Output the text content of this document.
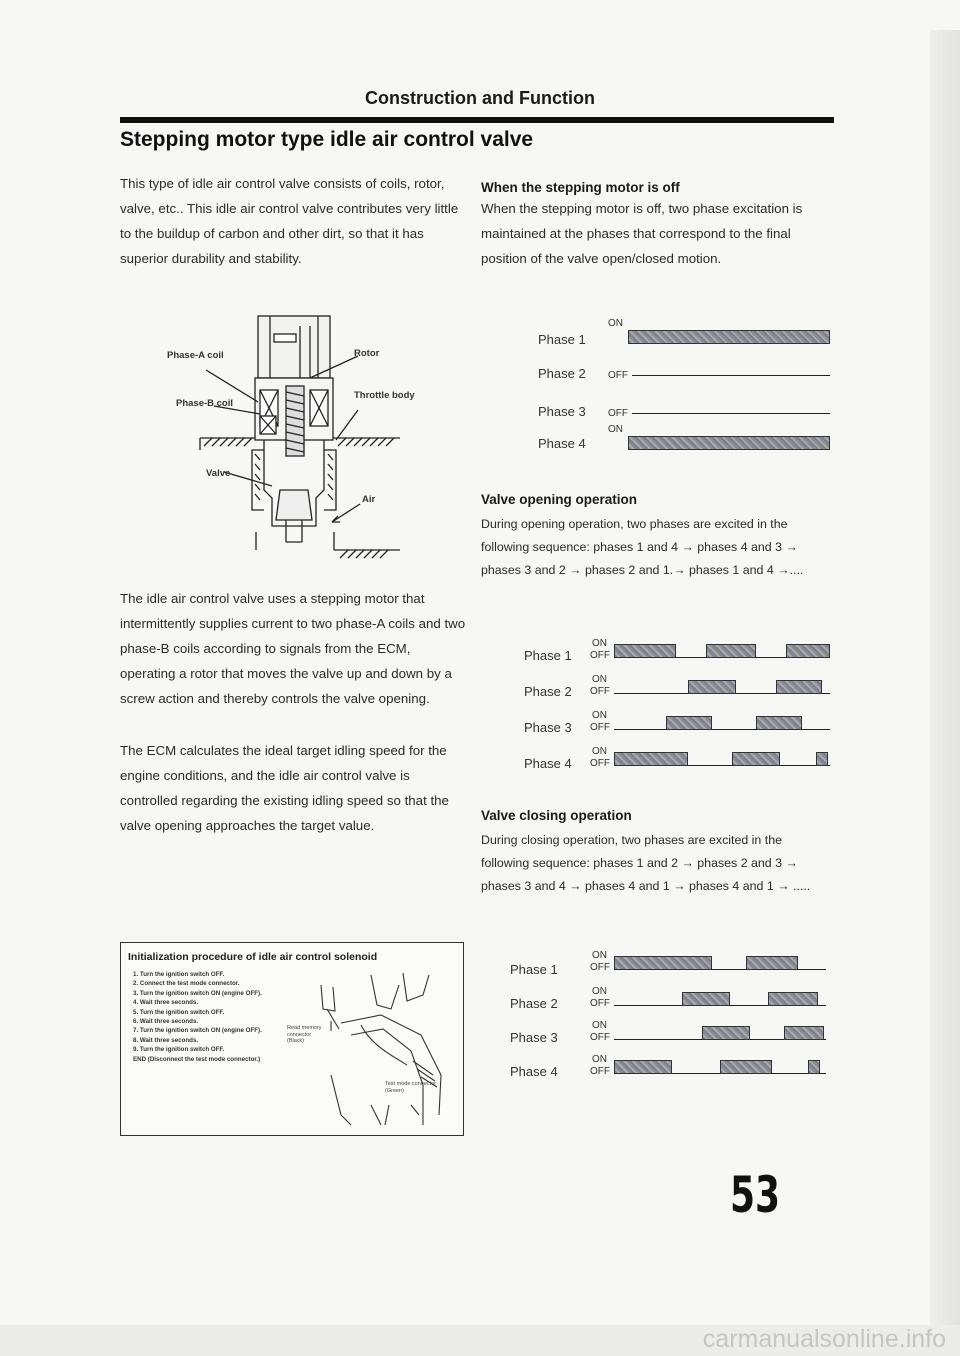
Construction and Function
Stepping motor type idle air control valve

This type of idle air control valve consists of coils, rotor, valve, etc.. This idle air control valve contributes very little to the buildup of carbon and other dirt, so that it has superior durability and stability.

Phase-A coil	Rotor
Phase-B coil
Throttle body
Valve
Air

The idle air control valve uses a stepping motor that intermittently supplies current to two phase-A coils and two phase-B coils according to signals from the ECM, operating a rotor that moves the valve up and down by a screw action and thereby controls the valve opening.

The ECM calculates the ideal target idling speed for the engine conditions, and the idle air control valve is controlled regarding the existing idling speed so that the valve opening approaches the target value.

Initialization procedure of idle air control solenoid
1. Turn the ignition switch OFF.
2. Connect the test mode connector.
3. Turn the ignition switch ON (engine OFF).
4. Wait three seconds.
5. Turn the ignition switch OFF.
6. Wait three seconds.
7. Turn the ignition switch ON (engine OFF).
8. Wait three seconds.
9. Turn the ignition switch OFF.
END (Disconnect the test mode connector.)
Read memory connector (Black)
Test mode connector (Green)

When the stepping motor is off

When the stepping motor is off, two phase excitation is maintained at the phases that correspond to the final position of the valve open/closed motion.

Phase 1
ON
Phase 2 OFF
Phase 3 OFF
Phase 4
ON

Valve opening operation

During opening operation, two phases are excited in the following sequence: phases 1 and 4 → phases 4 and 3 → phases 3 and 2 → phases 2 and 1.→ phases 1 and 4 →....

Phase 1
ON
OFF
Phase 2
ON
OFF
Phase 3
ON
OFF
Phase 4
ON
OFF

Valve closing operation

During closing operation, two phases are excited in the following sequence: phases 1 and 2 → phases 2 and 3 → phases 3 and 4 → phases 4 and 1 → phases 4 and 1 → .....

Phase 1
ON
OFF
Phase 2
ON
OFF
Phase 3
ON
OFF
Phase 4
ON
OFF
53
carmanualsonline.info
